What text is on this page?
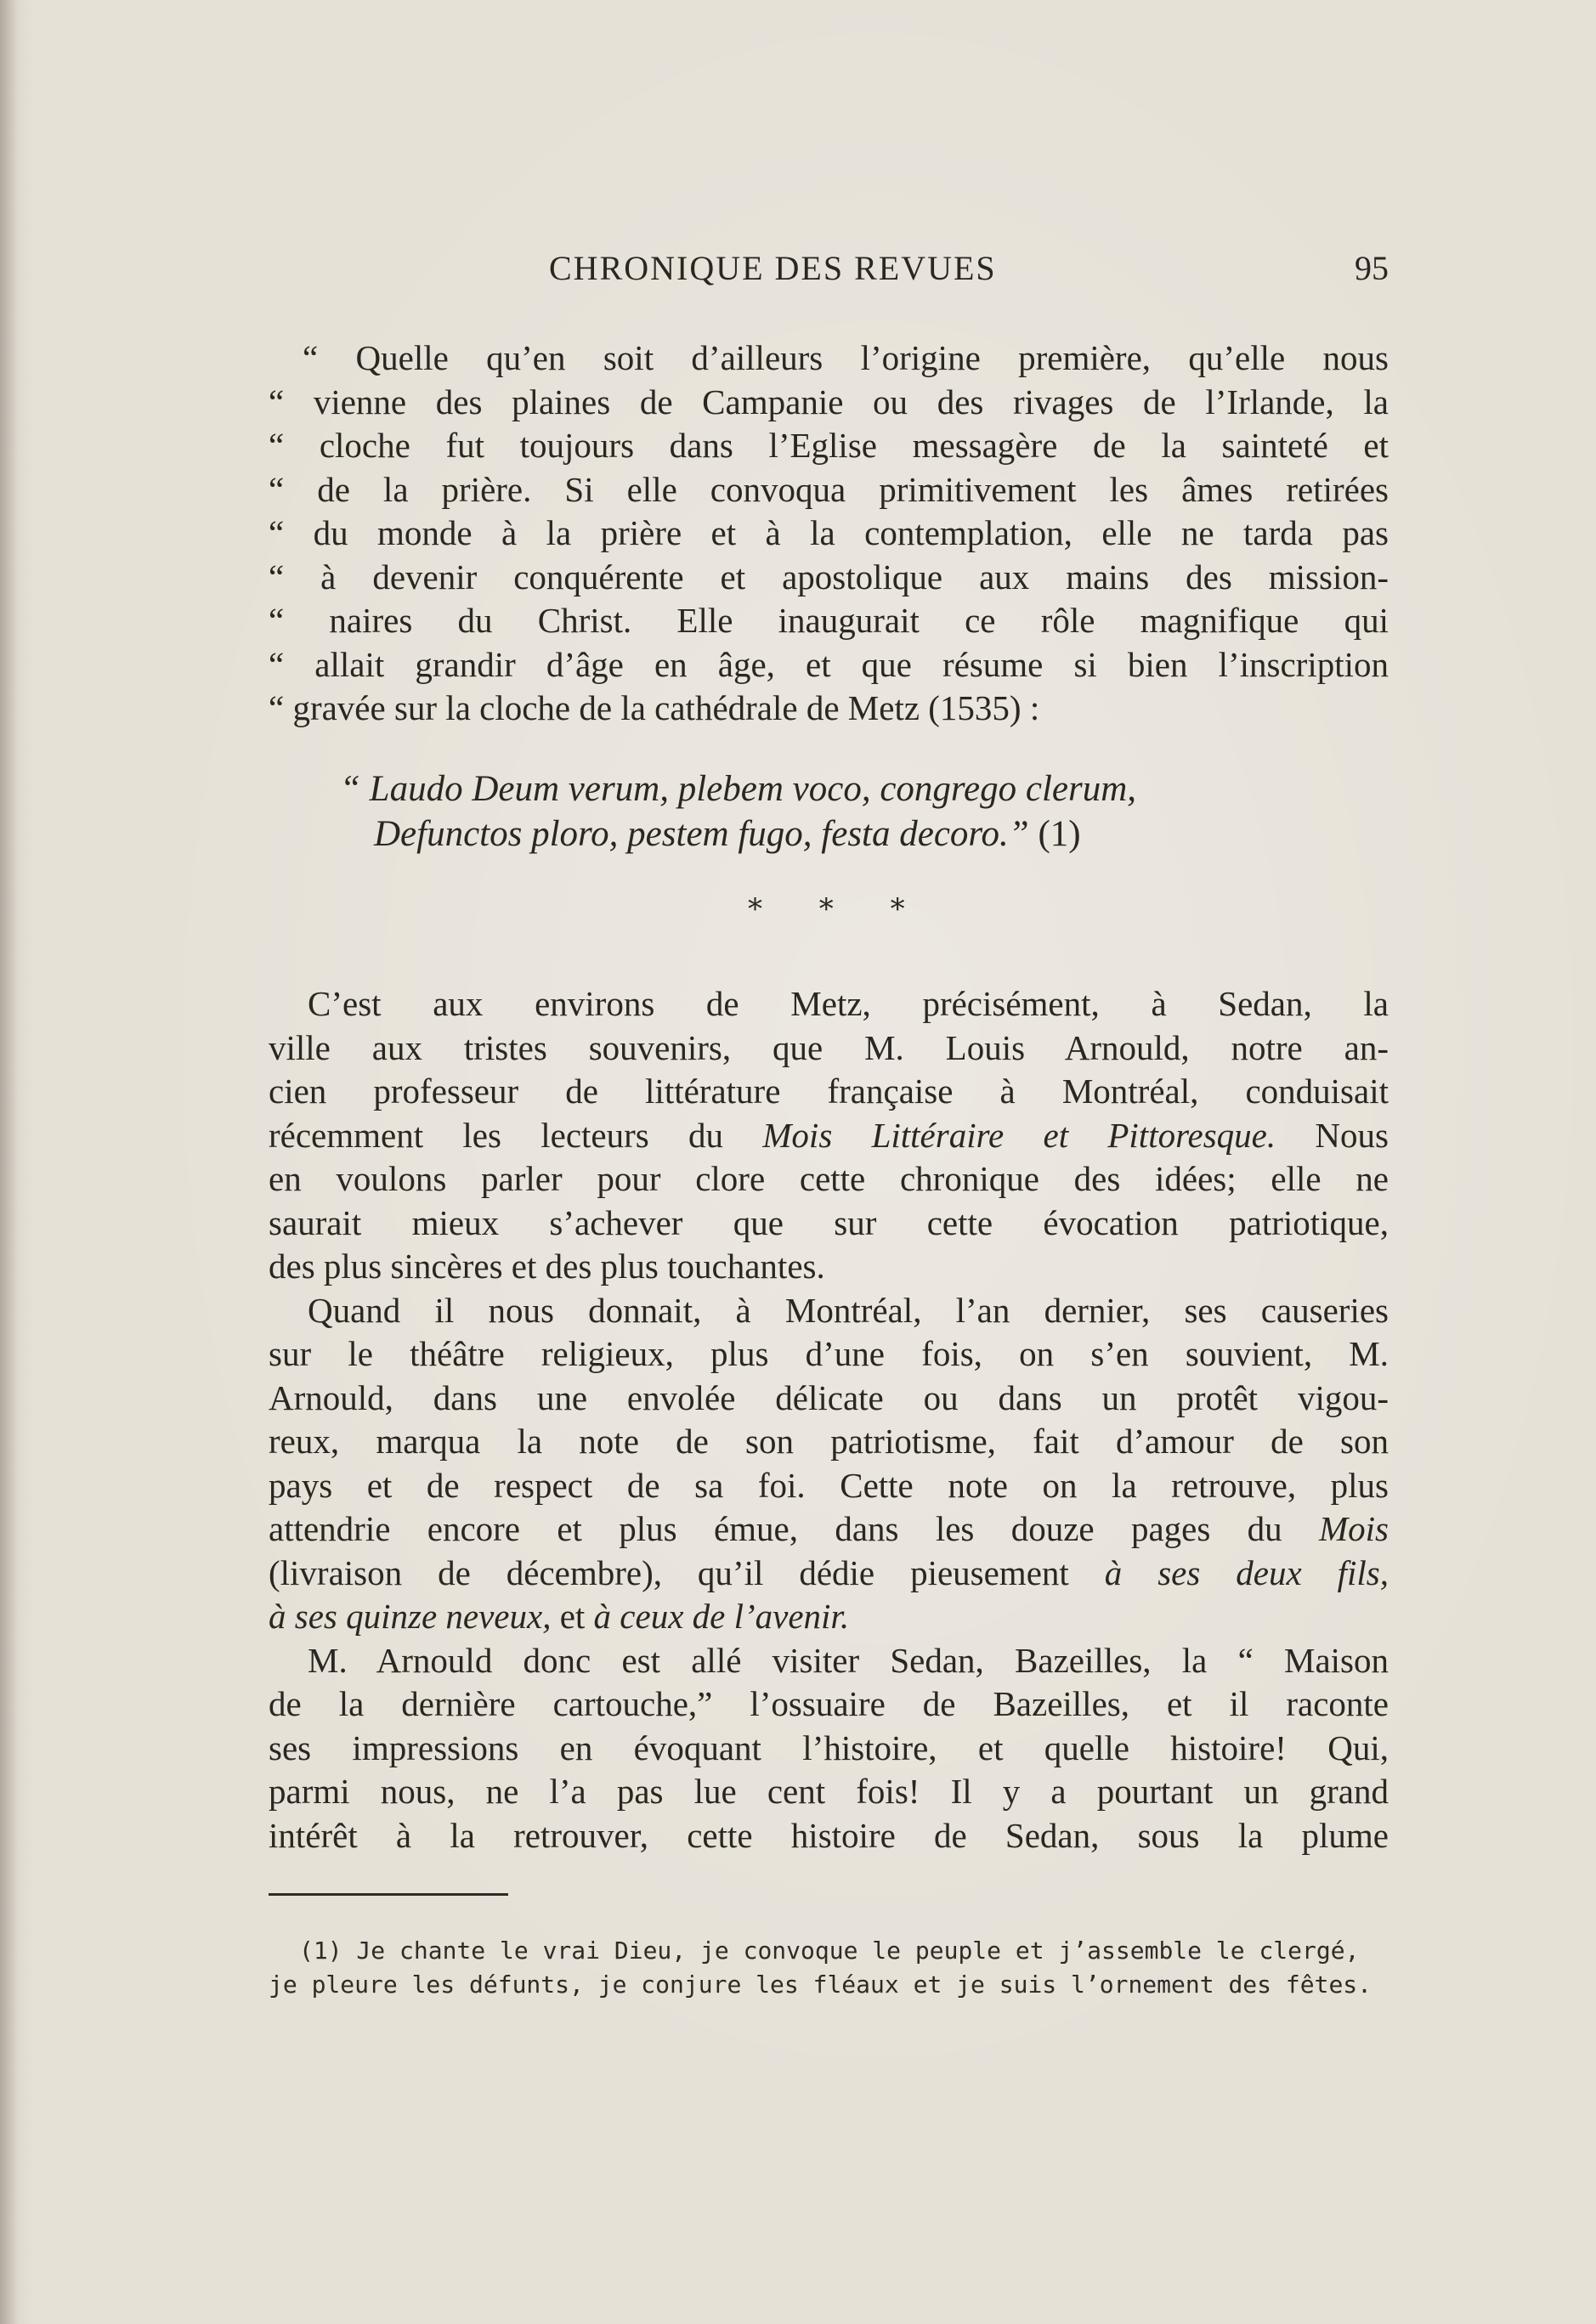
CHRONIQUE DES REVUES	95
“ Quelle qu’en soit d’ailleurs l’origine première, qu’elle nous
“ vienne des plaines de Campanie ou des rivages de l’Irlande, la
“ cloche fut toujours dans l’Eglise messagère de la sainteté et
“ de la prière. Si elle convoqua primitivement les âmes retirées
“ du monde à la prière et à la contemplation, elle ne tarda pas
“ à devenir conquérente et apostolique aux mains des mission-
“ naires du Christ. Elle inaugurait ce rôle magnifique qui
“ allait grandir d’âge en âge, et que résume si bien l’inscription
“ gravée sur la cloche de la cathédrale de Metz (1535) :
“ Laudo Deum verum, plebem voco, congrego clerum,
Defunctos ploro, pestem fugo, festa decoro.” (1)
* * *
C’est aux environs de Metz, précisément, à Sedan, la
ville aux tristes souvenirs, que M. Louis Arnould, notre an-
cien professeur de littérature française à Montréal, conduisait
récemment les lecteurs du Mois Littéraire et Pittoresque. Nous
en voulons parler pour clore cette chronique des idées; elle ne
saurait mieux s’achever que sur cette évocation patriotique,
des plus sincères et des plus touchantes.
Quand il nous donnait, à Montréal, l’an dernier, ses causeries
sur le théâtre religieux, plus d’une fois, on s’en souvient, M.
Arnould, dans une envolée délicate ou dans un protêt vigou-
reux, marqua la note de son patriotisme, fait d’amour de son
pays et de respect de sa foi. Cette note on la retrouve, plus
attendrie encore et plus émue, dans les douze pages du Mois
(livraison de décembre), qu’il dédie pieusement à ses deux fils,
à ses quinze neveux, et à ceux de l’avenir.
M. Arnould donc est allé visiter Sedan, Bazeilles, la “ Maison
de la dernière cartouche,” l’ossuaire de Bazeilles, et il raconte
ses impressions en évoquant l’histoire, et quelle histoire! Qui,
parmi nous, ne l’a pas lue cent fois! Il y a pourtant un grand
intérêt à la retrouver, cette histoire de Sedan, sous la plume
(1) Je chante le vrai Dieu, je convoque le peuple et j’assemble le clergé,
je pleure les défunts, je conjure les fléaux et je suis l’ornement des fêtes.
